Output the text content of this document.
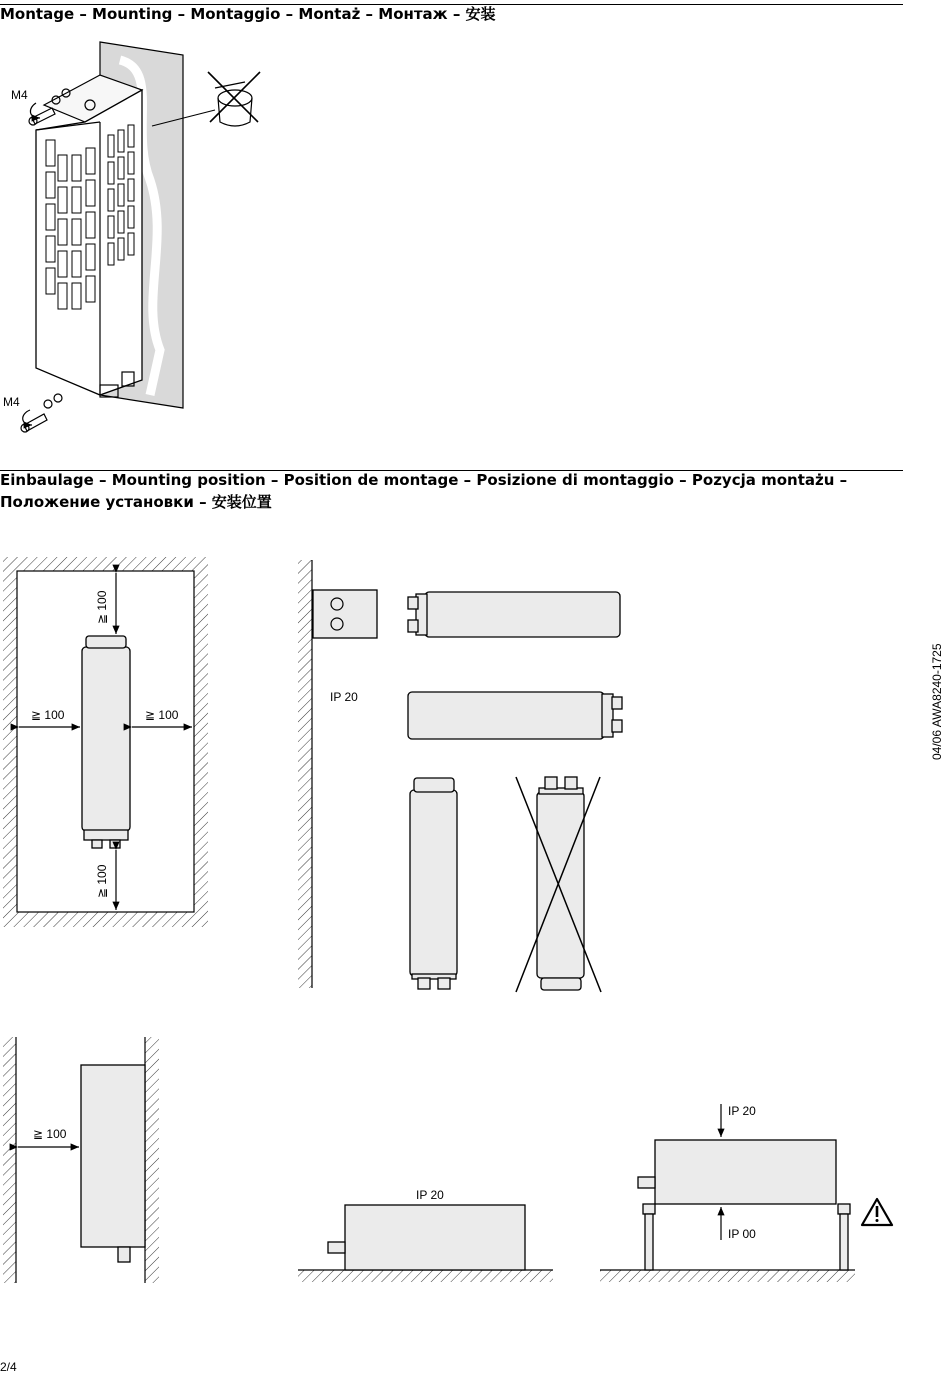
Montage – Mounting – Montaggio – Montaż – Монтаж – 安装
Einbaulage – Mounting position – Position de montage – Posizione di montaggio – Pozycja montażu –
Положение установки – 安装位置
04/06 AWA8240-1725
2/4
M4
M4
≧ 100	≧ 100
≧ 100
≧ 100
IP 20
≧ 100
IP 20
IP 20
IP 00
